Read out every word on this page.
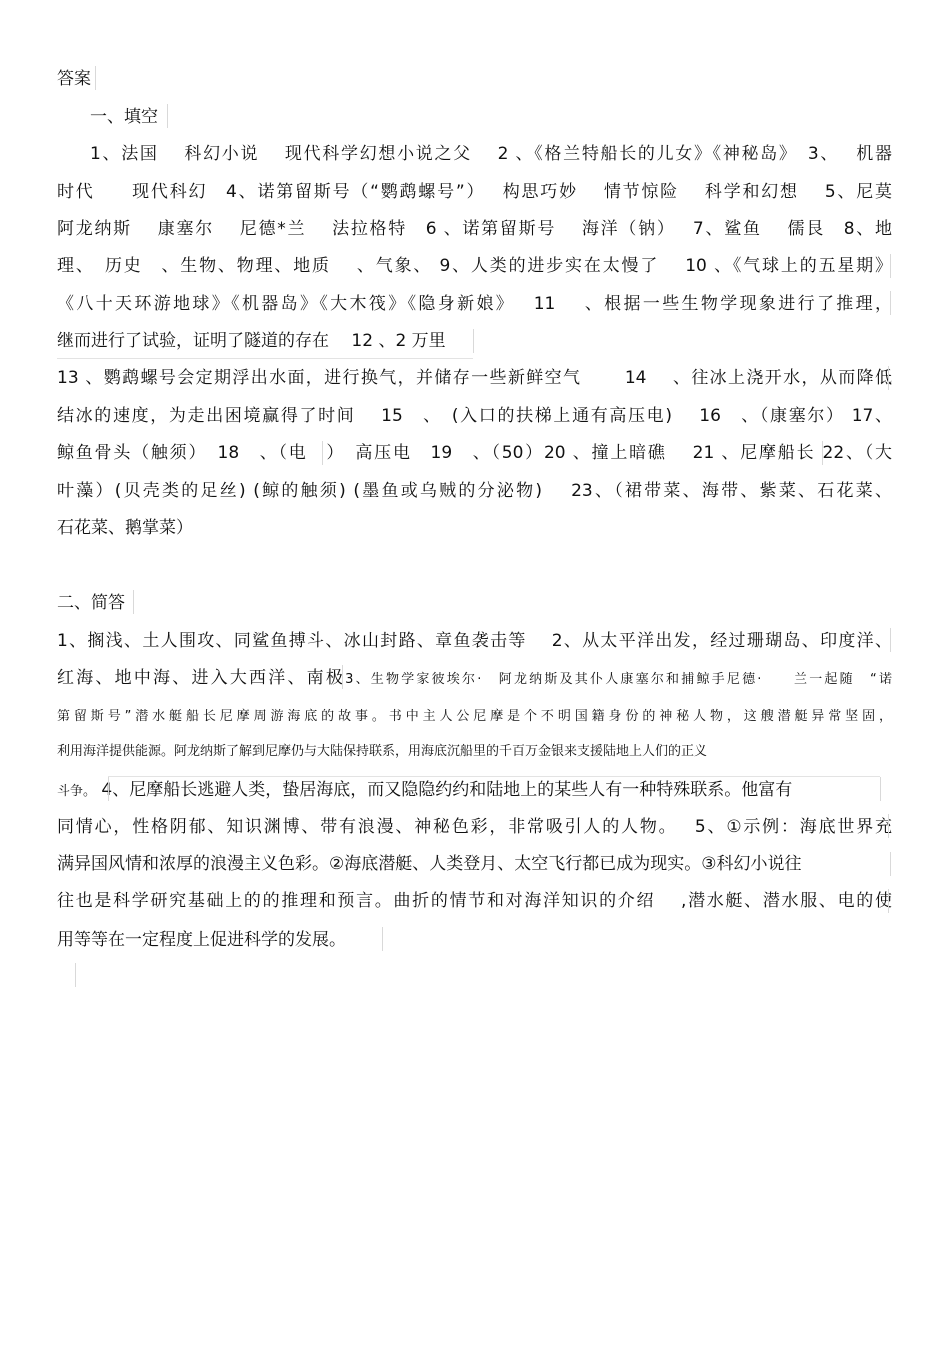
答案
一、填空
1、法国　 科幻小说　 现代科学幻想小说之父　 2 、《格兰特船长的儿女》《神秘岛》　3、　 机器
时代　　现代科幻　4、诺第留斯号（“鹦鹉螺号”）　 构思巧妙　 情节惊险　 科学和幻想　 5、尼莫
阿龙纳斯　 康塞尔　 尼德*兰　 法拉格特　6 、诺第留斯号　 海洋（钠）　 7、鲨鱼　 儒艮　8、地
理、　历史　、生物、物理、地质　 、气象、 9、人类的进步实在太慢了　 10 、《气球上的五星期》
《八十天环游地球》《机器岛》《大木筏》《隐身新娘》　 11　 、根据一些生物学现象进行了推理，
继而进行了试验，证明了隧道的存在　 12 、2 万里
13 、鹦鹉螺号会定期浮出水面，进行换气，并储存一些新鲜空气　　 14　 、往冰上浇开水，从而降低
结冰的速度，为走出困境赢得了时间　 15　、　(入口的扶梯上通有高压电)　 16　、（康塞尔） 17、
鲸鱼骨头（触须）　18　、（电　）　高压电　19　、（50）20 、撞上暗礁　 21 、尼摩船长 22、（大
叶藻）(贝壳类的足丝) (鲸的触须) (墨鱼或乌贼的分泌物)　 23、（裙带菜、海带、紫菜、石花菜、
石花菜、鹅掌菜）
二、简答
1、搁浅、土人围攻、同鲨鱼搏斗、冰山封路、章鱼袭击等　 2、从太平洋出发，经过珊瑚岛、印度洋、
红海、地中海、进入大西洋、南极3、生物学家彼埃尔·　阿龙纳斯及其仆人康塞尔和捕鲸手尼德·　　兰一起随　“诺
第留斯号”潜水艇船长尼摩周游海底的故事。书中主人公尼摩是个不明国籍身份的神秘人物，这艘潜艇异常坚固，
利用海洋提供能源。阿龙纳斯了解到尼摩仍与大陆保持联系，用海底沉船里的千百万金银来支援陆地上人们的正义
斗争。 4、尼摩船长逃避人类，蛰居海底，而又隐隐约约和陆地上的某些人有一种特殊联系。他富有
同情心，性格阴郁、知识渊博、带有浪漫、神秘色彩，非常吸引人的人物。　 5、①示例：海底世界充
满异国风情和浓厚的浪漫主义色彩。②海底潜艇、人类登月、太空飞行都已成为现实。③科幻小说往
往也是科学研究基础上的的推理和预言。曲折的情节和对海洋知识的介绍　 ,潜水艇、潜水服、电的使
用等等在一定程度上促进科学的发展。
